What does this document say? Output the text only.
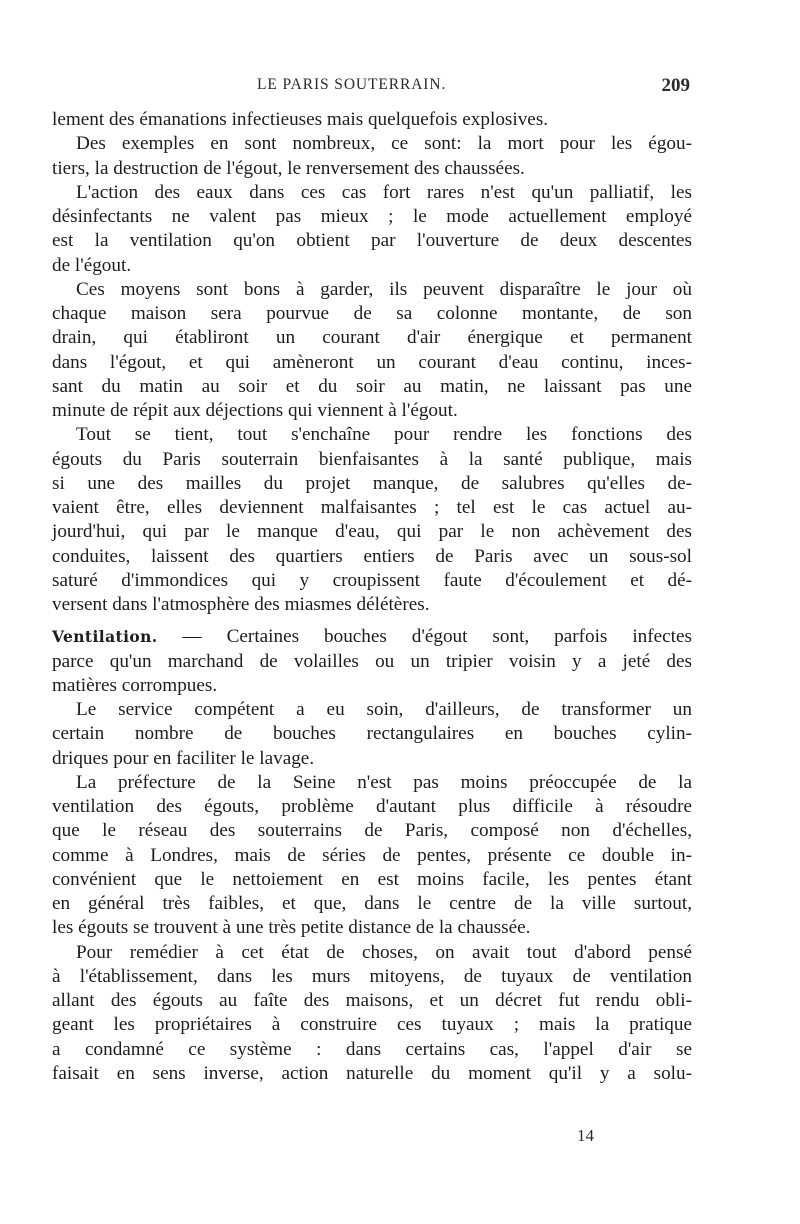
LE PARIS SOUTERRAIN.	209
lement des émanations infectieuses mais quelquefois explosives.
Des exemples en sont nombreux, ce sont: la mort pour les égou-
tiers, la destruction de l'égout, le renversement des chaussées.
L'action des eaux dans ces cas fort rares n'est qu'un palliatif, les
désinfectants ne valent pas mieux ; le mode actuellement employé
est la ventilation qu'on obtient par l'ouverture de deux descentes
de l'égout.
Ces moyens sont bons à garder, ils peuvent disparaître le jour où
chaque maison sera pourvue de sa colonne montante, de son
drain, qui établiront un courant d'air énergique et permanent
dans l'égout, et qui amèneront un courant d'eau continu, inces-
sant du matin au soir et du soir au matin, ne laissant pas une
minute de répit aux déjections qui viennent à l'égout.
Tout se tient, tout s'enchaîne pour rendre les fonctions des
égouts du Paris souterrain bienfaisantes à la santé publique, mais
si une des mailles du projet manque, de salubres qu'elles de-
vaient être, elles deviennent malfaisantes ; tel est le cas actuel au-
jourd'hui, qui par le manque d'eau, qui par le non achèvement des
conduites, laissent des quartiers entiers de Paris avec un sous-sol
saturé d'immondices qui y croupissent faute d'écoulement et dé-
versent dans l'atmosphère des miasmes délétères.
Ventilation. — Certaines bouches d'égout sont, parfois infectes
parce qu'un marchand de volailles ou un tripier voisin y a jeté des
matières corrompues.
Le service compétent a eu soin, d'ailleurs, de transformer un
certain nombre de bouches rectangulaires en bouches cylin-
driques pour en faciliter le lavage.
La préfecture de la Seine n'est pas moins préoccupée de la
ventilation des égouts, problème d'autant plus difficile à résoudre
que le réseau des souterrains de Paris, composé non d'échelles,
comme à Londres, mais de séries de pentes, présente ce double in-
convénient que le nettoiement en est moins facile, les pentes étant
en général très faibles, et que, dans le centre de la ville surtout,
les égouts se trouvent à une très petite distance de la chaussée.
Pour remédier à cet état de choses, on avait tout d'abord pensé
à l'établissement, dans les murs mitoyens, de tuyaux de ventilation
allant des égouts au faîte des maisons, et un décret fut rendu obli-
geant les propriétaires à construire ces tuyaux ; mais la pratique
a condamné ce système : dans certains cas, l'appel d'air se
faisait en sens inverse, action naturelle du moment qu'il y a solu-
14
